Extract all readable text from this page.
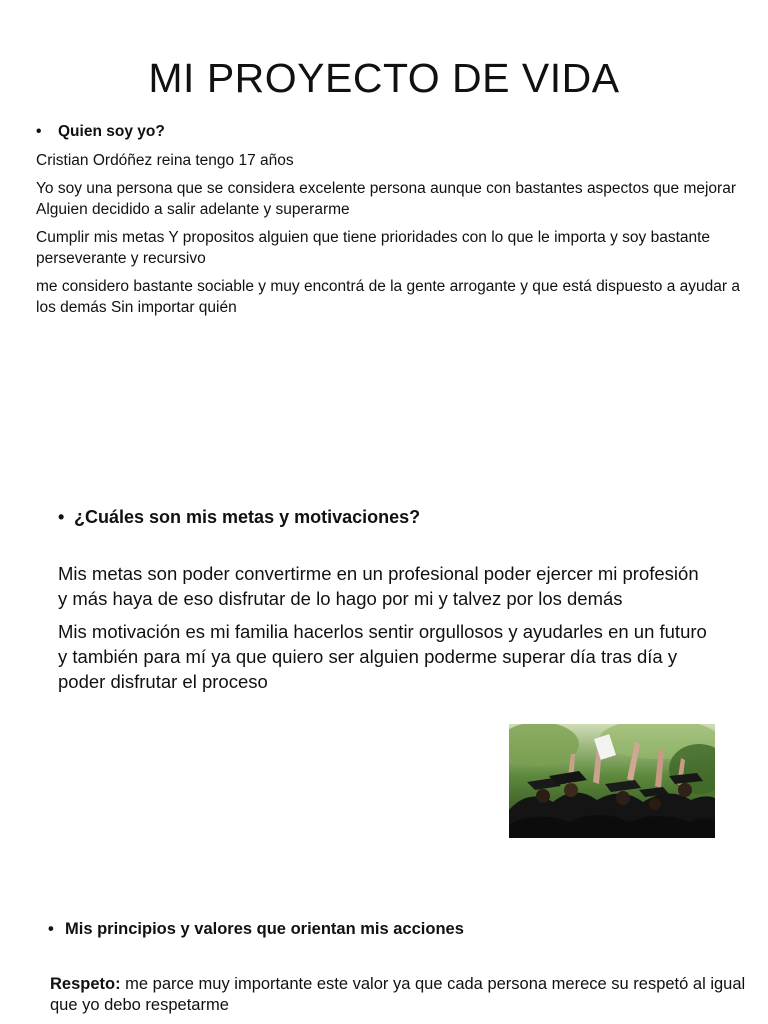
MI PROYECTO DE VIDA
•	Quien soy yo?

Cristian Ordóñez reina tengo 17 años

Yo soy una persona que se considera excelente persona aunque con bastantes aspectos que mejorar Alguien decidido a salir adelante y superarme

Cumplir mis metas Y propositos alguien que tiene prioridades con lo que le importa y soy bastante perseverante y recursivo

me considero bastante sociable y muy encontrá de la gente arrogante y que está dispuesto a ayudar a los demás Sin importar quién

• ¿Cuáles son mis metas y motivaciones?

Mis metas son poder convertirme en un profesional poder ejercer mi profesión y más haya de eso disfrutar de lo hago por mi y talvez por los demás

Mis motivación es mi familia hacerlos sentir orgullosos y ayudarles en un futuro y también para mí ya que quiero ser alguien poderme superar día tras día y poder disfrutar el proceso

• Mis principios y valores que orientan mis acciones

Respeto: me parce muy importante este valor ya que cada persona merece su respetó al igual que yo debo respetarme
